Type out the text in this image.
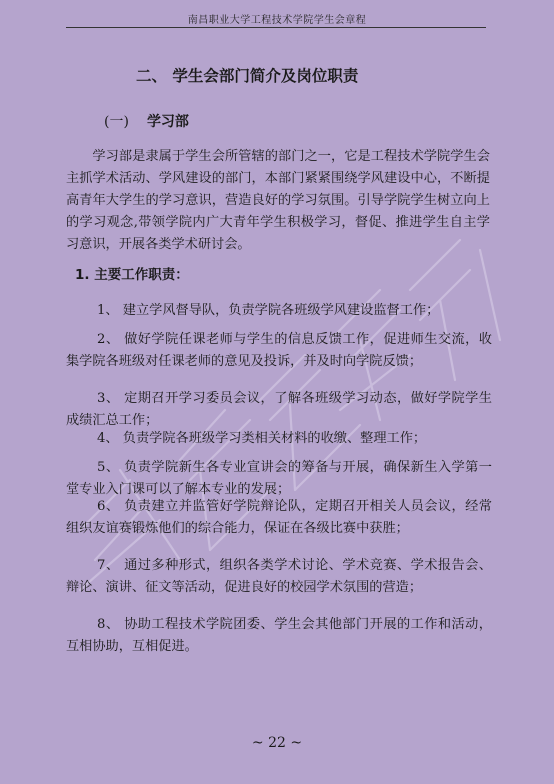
南昌职业大学工程技术学院学生会章程
二、 学生会部门简介及岗位职责
(一) 学习部

学习部是隶属于学生会所管辖的部门之一，它是工程技术学院学生会主抓学术活动、学风建设的部门，本部门紧紧围绕学风建设中心，不断提高青年大学生的学习意识，营造良好的学习氛围。引导学院学生树立向上的学习观念,带领学院内广大青年学生积极学习，督促、推进学生自主学习意识，开展各类学术研讨会。

1. 主要工作职责：

1、 建立学风督导队，负责学院各班级学风建设监督工作；

2、 做好学院任课老师与学生的信息反馈工作，促进师生交流，收集学院各班级对任课老师的意见及投诉，并及时向学院反馈；

3、 定期召开学习委员会议，了解各班级学习动态，做好学院学生成绩汇总工作；

4、 负责学院各班级学习类相关材料的收缴、整理工作；

5、 负责学院新生各专业宣讲会的筹备与开展，确保新生入学第一堂专业入门课可以了解本专业的发展；

6、 负责建立并监管好学院辩论队，定期召开相关人员会议，经常组织友谊赛锻炼他们的综合能力，保证在各级比赛中获胜；

7、 通过多种形式，组织各类学术讨论、学术竞赛、学术报告会、辩论、演讲、征文等活动，促进良好的校园学术氛围的营造；

8、 协助工程技术学院团委、学生会其他部门开展的工作和活动，互相协助，互相促进。

~ 22 ~
